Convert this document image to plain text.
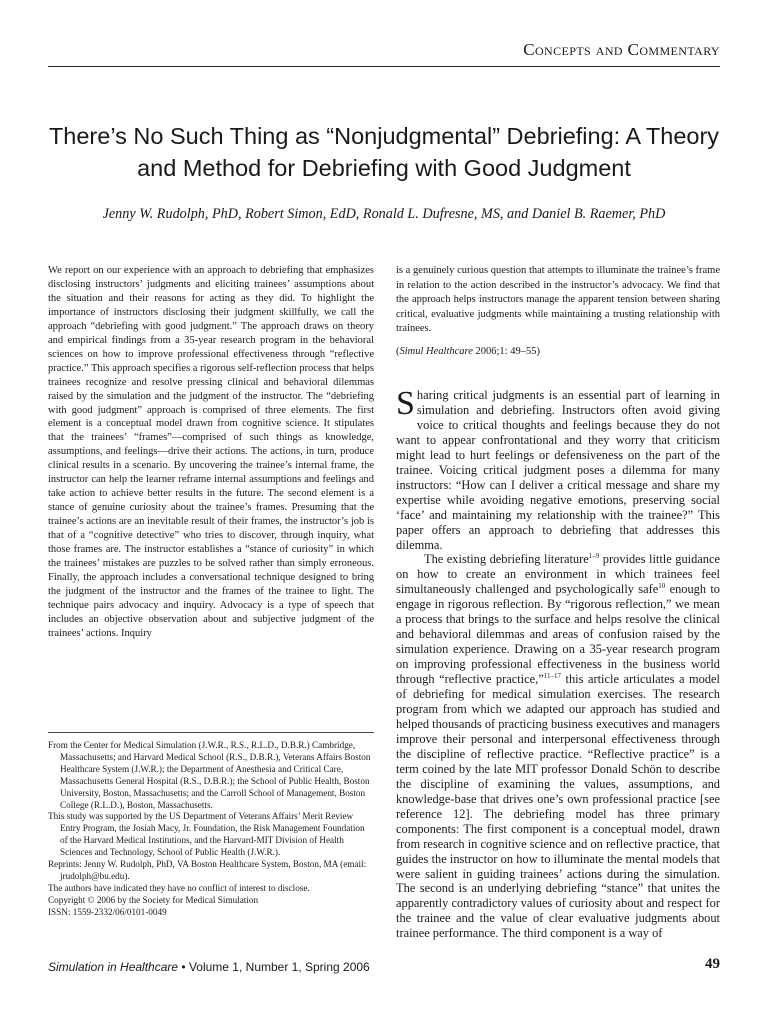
Concepts and Commentary
There’s No Such Thing as “Nonjudgmental” Debriefing: A Theory and Method for Debriefing with Good Judgment
Jenny W. Rudolph, PhD, Robert Simon, EdD, Ronald L. Dufresne, MS, and Daniel B. Raemer, PhD
We report on our experience with an approach to debriefing that emphasizes disclosing instructors’ judgments and eliciting trainees’ assumptions about the situation and their reasons for acting as they did. To highlight the importance of instructors disclosing their judgment skillfully, we call the approach “debriefing with good judgment.” The approach draws on theory and empirical findings from a 35-year research program in the behavioral sciences on how to improve professional effectiveness through “reflective practice.” This approach specifies a rigorous self-reflection process that helps trainees recognize and resolve pressing clinical and behavioral dilemmas raised by the simulation and the judgment of the instructor. The “debriefing with good judgment” approach is comprised of three elements. The first element is a conceptual model drawn from cognitive science. It stipulates that the trainees’ “frames”—comprised of such things as knowledge, assumptions, and feelings—drive their actions. The actions, in turn, produce clinical results in a scenario. By uncovering the trainee’s internal frame, the instructor can help the learner reframe internal assumptions and feelings and take action to achieve better results in the future. The second element is a stance of genuine curiosity about the trainee’s frames. Presuming that the trainee’s actions are an inevitable result of their frames, the instructor’s job is that of a “cognitive detective” who tries to discover, through inquiry, what those frames are. The instructor establishes a “stance of curiosity” in which the trainees’ mistakes are puzzles to be solved rather than simply erroneous. Finally, the approach includes a conversational technique designed to bring the judgment of the instructor and the frames of the trainee to light. The technique pairs advocacy and inquiry. Advocacy is a type of speech that includes an objective observation about and subjective judgment of the trainees’ actions. Inquiry
is a genuinely curious question that attempts to illuminate the trainee’s frame in relation to the action described in the instructor’s advocacy. We find that the approach helps instructors manage the apparent tension between sharing critical, evaluative judgments while maintaining a trusting relationship with trainees.
(Simul Healthcare 2006;1: 49–55)

Sharing critical judgments is an essential part of learning in simulation and debriefing. Instructors often avoid giving voice to critical thoughts and feelings because they do not want to appear confrontational and they worry that criticism might lead to hurt feelings or defensiveness on the part of the trainee. Voicing critical judgment poses a dilemma for many instructors: “How can I deliver a critical message and share my expertise while avoiding negative emotions, preserving social ‘face’ and maintaining my relationship with the trainee?” This paper offers an approach to debriefing that addresses this dilemma.

The existing debriefing literature$^{1-9}$ provides little guidance on how to create an environment in which trainees feel simultaneously challenged and psychologically safe$^{10}$ enough to engage in rigorous reflection. By “rigorous reflection,” we mean a process that brings to the surface and helps resolve the clinical and behavioral dilemmas and areas of confusion raised by the simulation experience. Drawing on a 35-year research program on improving professional effectiveness in the business world through “reflective practice,”$^{11-17}$ this article articulates a model of debriefing for medical simulation exercises. The research program from which we adapted our approach has studied and helped thousands of practicing business executives and managers improve their personal and interpersonal effectiveness through the discipline of reflective practice. “Reflective practice” is a term coined by the late MIT professor Donald Schön to describe the discipline of examining the values, assumptions, and knowledge-base that drives one’s own professional practice [see reference 12]. The debriefing model has three primary components: The first component is a conceptual model, drawn from research in cognitive science and on reflective practice, that guides the instructor on how to illuminate the mental models that were salient in guiding trainees’ actions during the simulation. The second is an underlying debriefing “stance” that unites the apparently contradictory values of curiosity about and respect for the trainee and the value of clear evaluative judgments about trainee performance. The third component is a way of

From the Center for Medical Simulation (J.W.R., R.S., R.L.D., D.B.R.) Cambridge, Massachusetts; and Harvard Medical School (R.S., D.B.R.), Veterans Affairs Boston Healthcare System (J.W.R.); the Department of Anesthesia and Critical Care, Massachusetts General Hospital (R.S., D.B.R.); the School of Public Health, Boston University, Boston, Massachusetts; and the Carroll School of Management, Boston College (R.L.D.), Boston, Massachusetts.
This study was supported by the US Department of Veterans Affairs’ Merit Review Entry Program, the Josiah Macy, Jr. Foundation, the Risk Management Foundation of the Harvard Medical Institutions, and the Harvard-MIT Division of Health Sciences and Technology, School of Public Health (J.W.R.).
Reprints: Jenny W. Rudolph, PhD, VA Boston Healthcare System, Boston, MA (email: jrudolph@bu.edu).
The authors have indicated they have no conflict of interest to disclose.
Copyright © 2006 by the Society for Medical Simulation
ISSN: 1559-2332/06/0101-0049
Simulation in Healthcare • Volume 1, Number 1, Spring 2006	49
